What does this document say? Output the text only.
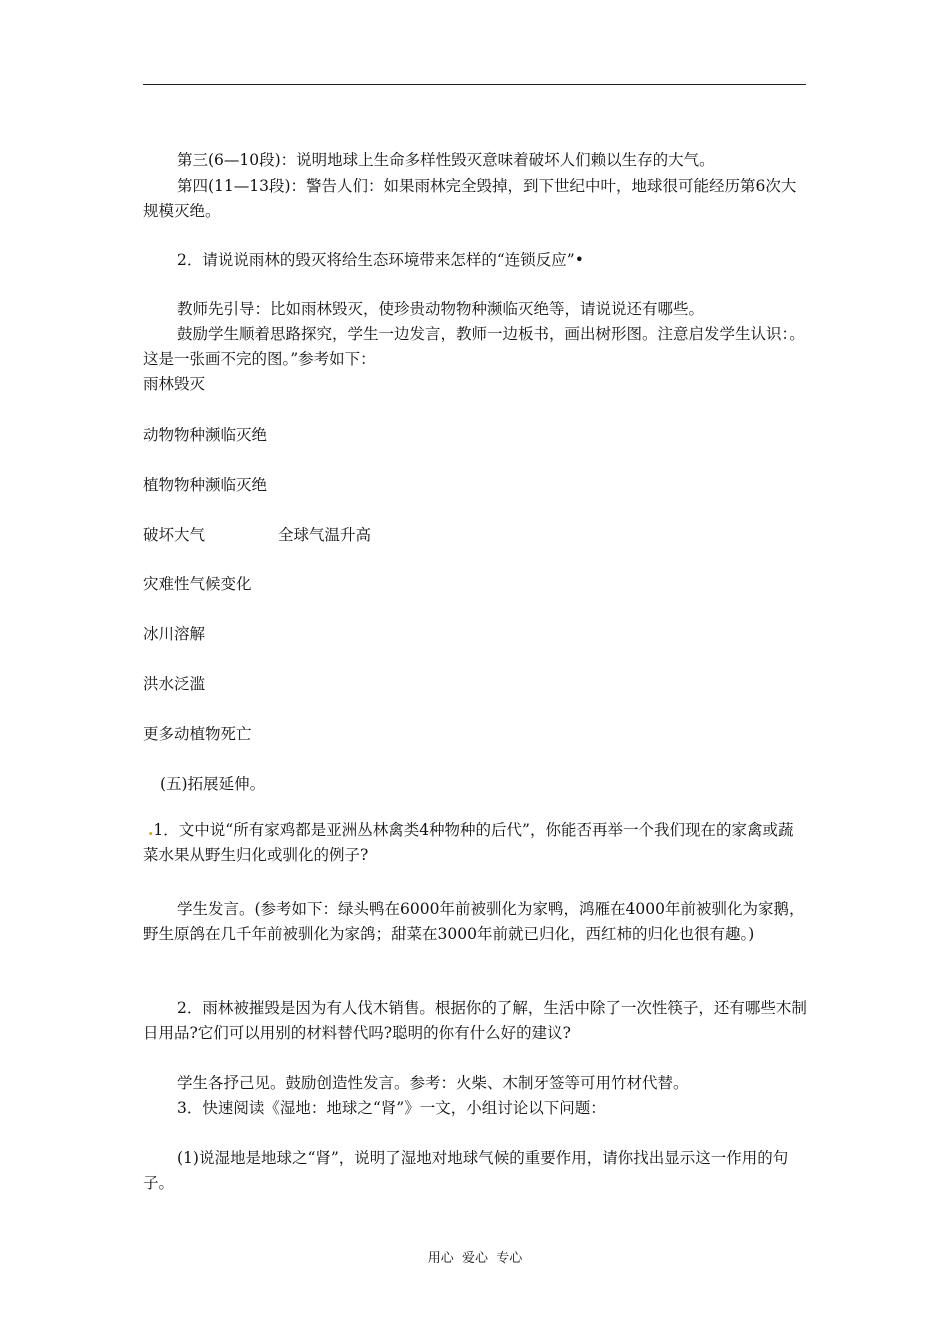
第三(6—10段)：说明地球上生命多样性毁灭意味着破坏人们赖以生存的大气。
第四(11—13段)：警告人们：如果雨林完全毁掉，到下世纪中叶，地球很可能经历第6次大规模灭绝。
2．请说说雨林的毁灭将给生态环境带来怎样的“连锁反应”•
教师先引导：比如雨林毁灭，使珍贵动物物种濒临灭绝等，请说说还有哪些。
鼓励学生顺着思路探究，学生一边发言，教师一边板书，画出树形图。注意启发学生认识：。这是一张画不完的图。”参考如下：
雨林毁灭
动物物种濒临灭绝
植物物种濒临灭绝
破坏大气	全球气温升高
灾难性气候变化
冰川溶解
洪水泛滥
更多动植物死亡
(五)拓展延伸。
.1．文中说“所有家鸡都是亚洲丛林禽类4种物种的后代”，你能否再举一个我们现在的家禽或蔬菜水果从野生归化或驯化的例子?
学生发言。(参考如下：绿头鸭在6000年前被驯化为家鸭，鸿雁在4000年前被驯化为家鹅，野生原鸽在几千年前被驯化为家鸽；甜菜在3000年前就已归化，西红柿的归化也很有趣。)
2．雨林被摧毁是因为有人伐木销售。根据你的了解，生活中除了一次性筷子，还有哪些木制日用品?它们可以用别的材料替代吗?聪明的你有什么好的建议?
学生各抒己见。鼓励创造性发言。参考：火柴、木制牙签等可用竹材代替。
3．快速阅读《湿地：地球之“肾”》一文，小组讨论以下问题：
(1)说湿地是地球之“肾”，说明了湿地对地球气候的重要作用，请你找出显示这一作用的句子。
用心  爱心  专心
